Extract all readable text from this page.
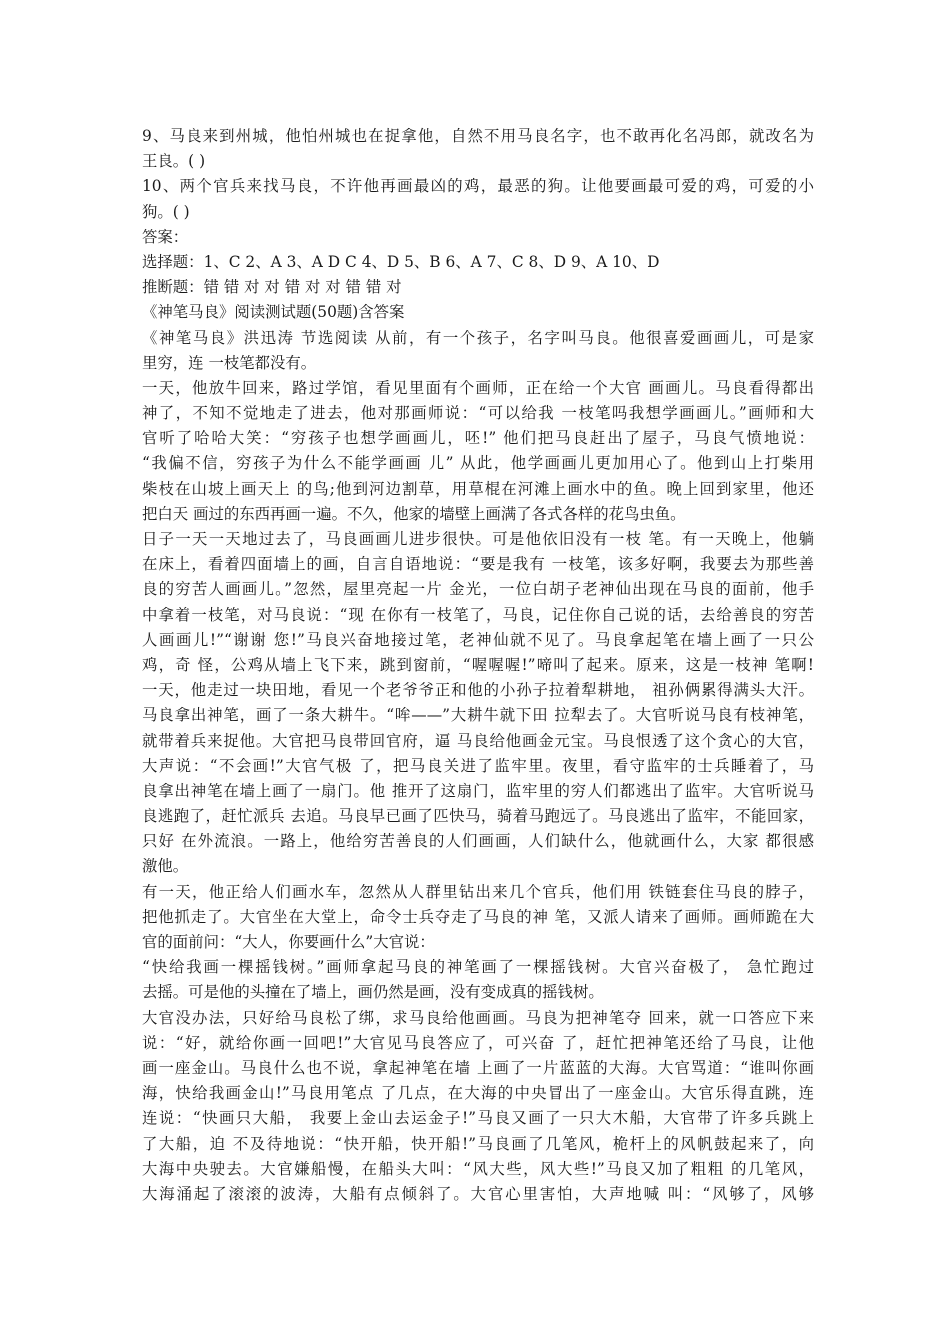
9、马良来到州城，他怕州城也在捉拿他，自然不用马良名字，也不敢再化名冯郎，就改名为
王良。( )
10、两个官兵来找马良，不许他再画最凶的鸡，最恶的狗。让他要画最可爱的鸡，可爱的小
狗。( )
答案：
选择题：1、C 2、A 3、A D C 4、D 5、B 6、A 7、C 8、D 9、A 10、D
推断题：错 错 对 对 错 对 对 错 错 对
《神笔马良》阅读测试题(50题)含答案
《神笔马良》洪迅涛 节选阅读 从前，有一个孩子，名字叫马良。他很喜爱画画儿，可是家
里穷，连 一枝笔都没有。
一天，他放牛回来，路过学馆，看见里面有个画师，正在给一个大官 画画儿。马良看得都出
神了，不知不觉地走了进去，他对那画师说：“可以给我 一枝笔吗我想学画画儿。”画师和大
官听了哈哈大笑：“穷孩子也想学画画儿，呸!” 他们把马良赶出了屋子，马良气愤地说：
“我偏不信，穷孩子为什么不能学画画 儿” 从此，他学画画儿更加用心了。他到山上打柴用
柴枝在山坡上画天上 的鸟;他到河边割草，用草棍在河滩上画水中的鱼。晚上回到家里，他还
把白天 画过的东西再画一遍。不久，他家的墙壁上画满了各式各样的花鸟虫鱼。
日子一天一天地过去了，马良画画儿进步很快。可是他依旧没有一枝 笔。有一天晚上，他躺
在床上，看着四面墙上的画，自言自语地说：“要是我有 一枝笔，该多好啊，我要去为那些善
良的穷苦人画画儿。”忽然，屋里亮起一片 金光，一位白胡子老神仙出现在马良的面前，他手
中拿着一枝笔，对马良说：“现 在你有一枝笔了，马良，记住你自己说的话，去给善良的穷苦
人画画儿!”“谢谢 您!”马良兴奋地接过笔，老神仙就不见了。马良拿起笔在墙上画了一只公
鸡，奇 怪，公鸡从墙上飞下来，跳到窗前，“喔喔喔!”啼叫了起来。原来，这是一枝神 笔啊!
一天，他走过一块田地，看见一个老爷爷正和他的小孙子拉着犁耕地， 祖孙俩累得满头大汗。
马良拿出神笔，画了一条大耕牛。“哞——”大耕牛就下田 拉犁去了。大官听说马良有枝神笔，
就带着兵来捉他。大官把马良带回官府，逼 马良给他画金元宝。马良恨透了这个贪心的大官，
大声说：“不会画!”大官气极 了，把马良关进了监牢里。夜里，看守监牢的士兵睡着了，马
良拿出神笔在墙上画了一扇门。他 推开了这扇门，监牢里的穷人们都逃出了监牢。大官听说马
良逃跑了，赶忙派兵 去追。马良早已画了匹快马，骑着马跑远了。马良逃出了监牢，不能回家，
只好 在外流浪。一路上，他给穷苦善良的人们画画，人们缺什么，他就画什么，大家 都很感
激他。
有一天，他正给人们画水车，忽然从人群里钻出来几个官兵，他们用 铁链套住马良的脖子，
把他抓走了。大官坐在大堂上，命令士兵夺走了马良的神 笔，又派人请来了画师。画师跪在大
官的面前问：“大人，你要画什么”大官说：
“快给我画一棵摇钱树。”画师拿起马良的神笔画了一棵摇钱树。大官兴奋极了， 急忙跑过
去摇。可是他的头撞在了墙上，画仍然是画，没有变成真的摇钱树。
大官没办法，只好给马良松了绑，求马良给他画画。马良为把神笔夺 回来，就一口答应下来
说：“好，就给你画一回吧!”大官见马良答应了，可兴奋 了，赶忙把神笔还给了马良，让他
画一座金山。马良什么也不说，拿起神笔在墙 上画了一片蓝蓝的大海。大官骂道：“谁叫你画
海，快给我画金山!”马良用笔点 了几点，在大海的中央冒出了一座金山。大官乐得直跳，连
连说：“快画只大船， 我要上金山去运金子!”马良又画了一只大木船，大官带了许多兵跳上
了大船，迫 不及待地说：“快开船，快开船!”马良画了几笔风，桅杆上的风帆鼓起来了，向
大海中央驶去。大官嫌船慢，在船头大叫：“风大些，风大些!”马良又加了粗粗 的几笔风，
大海涌起了滚滚的波涛，大船有点倾斜了。大官心里害怕，大声地喊 叫：“风够了，风够
